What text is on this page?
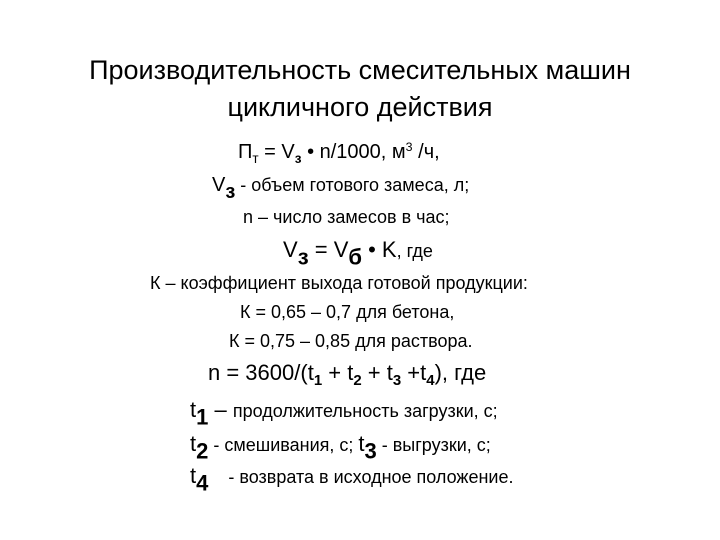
Производительность смесительных машин
цикличного действия
$П_т = V_з$ • n/1000, $м^3$ /ч,
$V_з$ - объем готового замеса, л;
n – число замесов в час;
$V_з = V_б$ • K, где
К – коэффициент выхода готовой продукции:
К = 0,65 – 0,7 для бетона,
К = 0,75 – 0,85 для раствора.
$n = 3600/(t_1 + t_2 + t_3 +t_4)$, где
$t_1$ – продолжительность загрузки, с;
$t_2$ - смешивания, с; $t_3$ - выгрузки, с;
$t_4$ - возврата в исходное положение.
